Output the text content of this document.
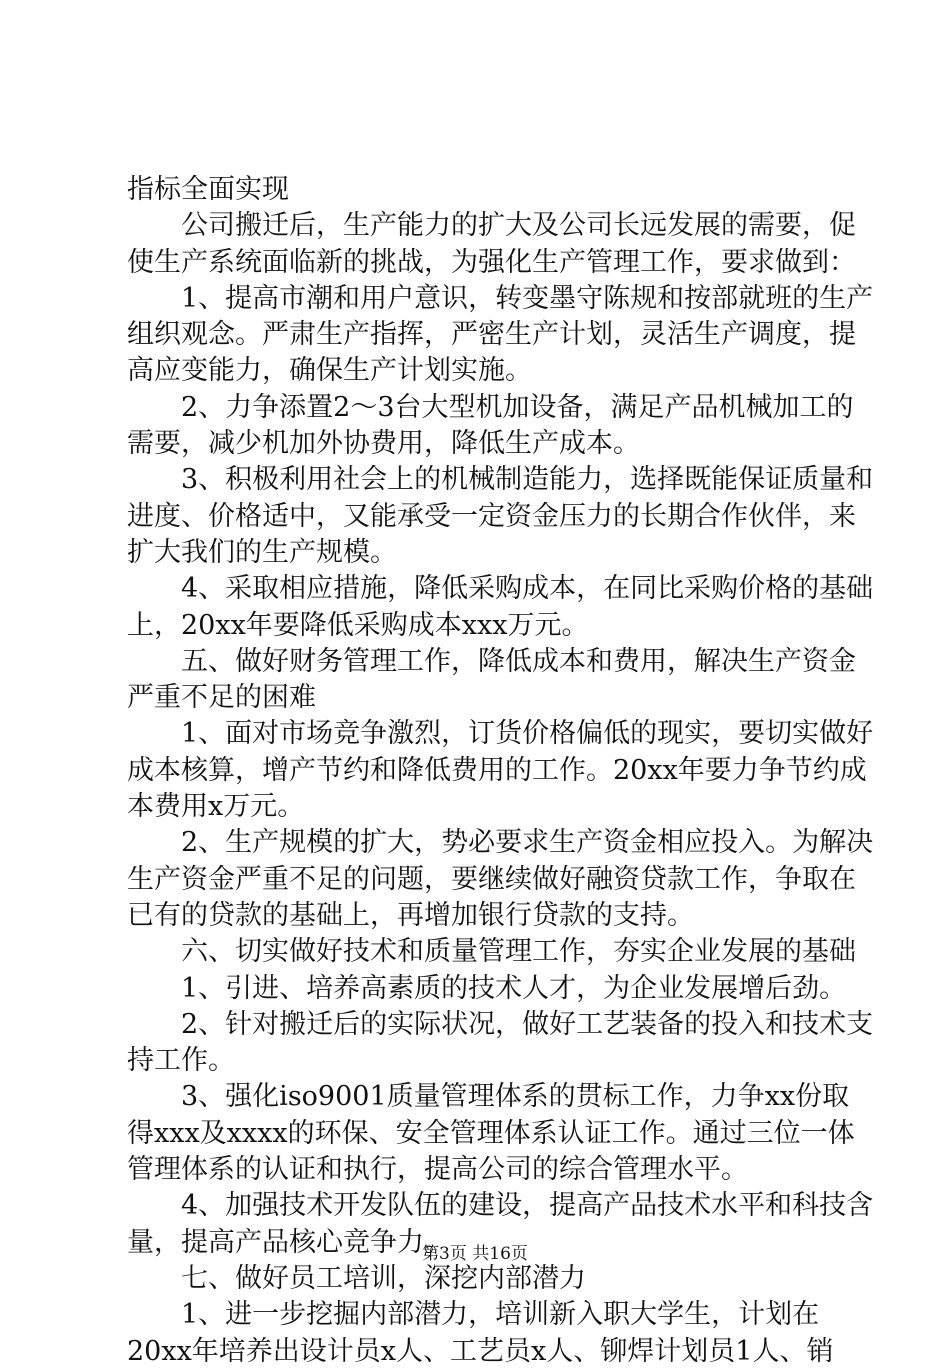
指标全面实现

　　公司搬迁后，生产能力的扩大及公司长远发展的需要，促

使生产系统面临新的挑战，为强化生产管理工作，要求做到：

　　1、提高市潮和用户意识，转变墨守陈规和按部就班的生产

组织观念。严肃生产指挥，严密生产计划，灵活生产调度，提

高应变能力，确保生产计划实施。

　　2、力争添置2～3台大型机加设备，满足产品机械加工的

需要，减少机加外协费用，降低生产成本。

　　3、积极利用社会上的机械制造能力，选择既能保证质量和

进度、价格适中，又能承受一定资金压力的长期合作伙伴，来

扩大我们的生产规模。

　　4、采取相应措施，降低采购成本，在同比采购价格的基础

上，20xx年要降低采购成本xxx万元。

　　五、做好财务管理工作，降低成本和费用，解决生产资金

严重不足的困难

　　1、面对市场竞争激烈，订货价格偏低的现实，要切实做好

成本核算，增产节约和降低费用的工作。20xx年要力争节约成

本费用x万元。

　　2、生产规模的扩大，势必要求生产资金相应投入。为解决

生产资金严重不足的问题，要继续做好融资贷款工作，争取在

已有的贷款的基础上，再增加银行贷款的支持。

　　六、切实做好技术和质量管理工作，夯实企业发展的基础

　　1、引进、培养高素质的技术人才，为企业发展增后劲。

　　2、针对搬迁后的实际状况，做好工艺装备的投入和技术支

持工作。

　　3、强化iso9001质量管理体系的贯标工作，力争xx份取

得xxx及xxxx的环保、安全管理体系认证工作。通过三位一体

管理体系的认证和执行，提高公司的综合管理水平。

　　4、加强技术开发队伍的建设，提高产品技术水平和科技含

量，提高产品核心竞争力。

　　七、做好员工培训，深挖内部潜力

　　1、进一步挖掘内部潜力，培训新入职大学生，计划在

20xx年培养出设计员x人、工艺员x人、铆焊计划员1人、销

第3页 共16页
